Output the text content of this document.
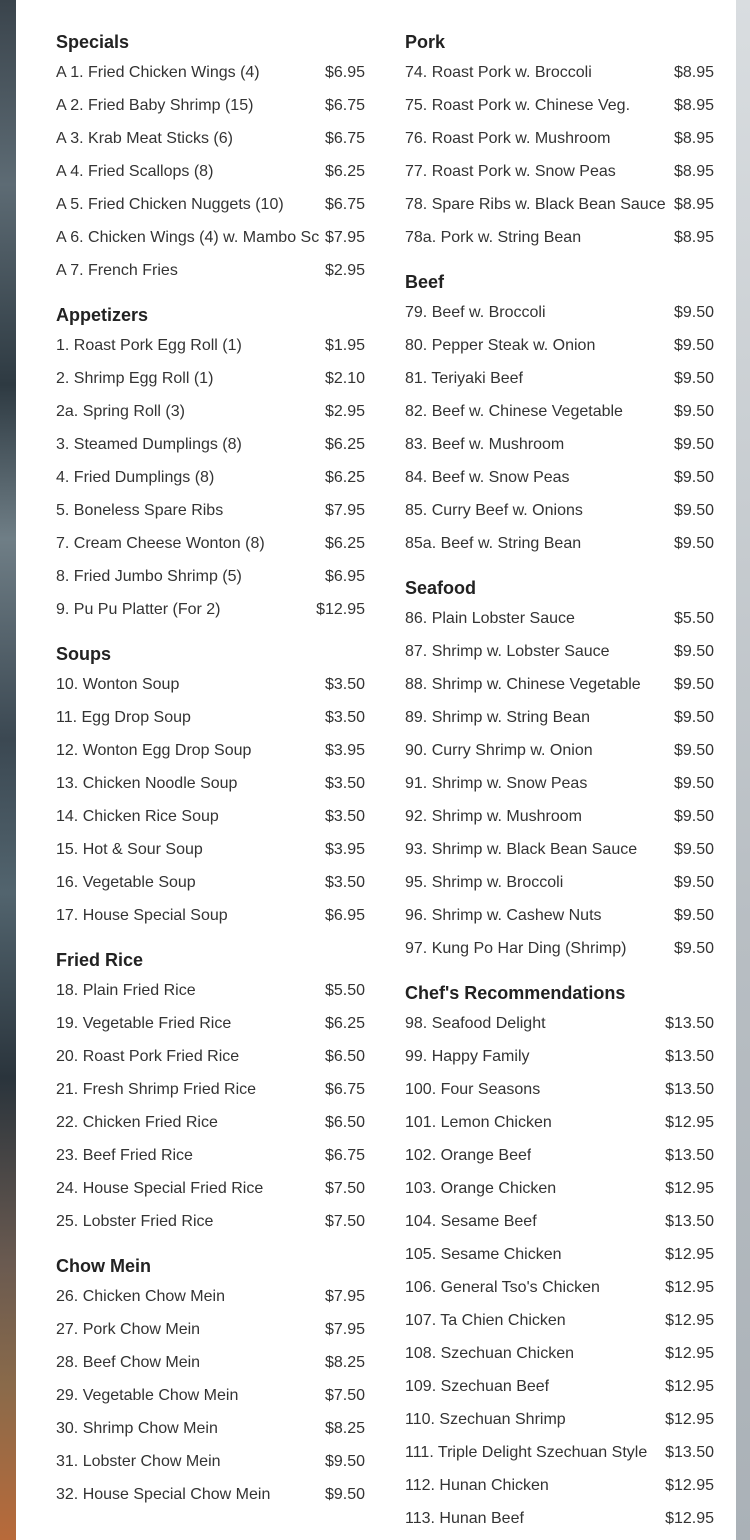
Specials
A 1. Fried Chicken Wings (4)	$6.95
A 2. Fried Baby Shrimp (15)	$6.75
A 3. Krab Meat Sticks (6)	$6.75
A 4. Fried Scallops (8)	$6.25
A 5. Fried Chicken Nuggets (10)	$6.75
A 6. Chicken Wings (4) w. Mambo Sc $7.95
A 7. French Fries	$2.95
Appetizers
1. Roast Pork Egg Roll (1)	$1.95
2. Shrimp Egg Roll (1)	$2.10
2a. Spring Roll (3)	$2.95
3. Steamed Dumplings (8)	$6.25
4. Fried Dumplings (8)	$6.25
5. Boneless Spare Ribs	$7.95
7. Cream Cheese Wonton (8)	$6.25
8. Fried Jumbo Shrimp (5)	$6.95
9. Pu Pu Platter (For 2)	$12.95
Soups
10. Wonton Soup	$3.50
11. Egg Drop Soup	$3.50
12. Wonton Egg Drop Soup	$3.95
13. Chicken Noodle Soup	$3.50
14. Chicken Rice Soup	$3.50
15. Hot & Sour Soup	$3.95
16. Vegetable Soup	$3.50
17. House Special Soup	$6.95
Fried Rice
18. Plain Fried Rice	$5.50
19. Vegetable Fried Rice	$6.25
20. Roast Pork Fried Rice	$6.50
21. Fresh Shrimp Fried Rice	$6.75
22. Chicken Fried Rice	$6.50
23. Beef Fried Rice	$6.75
24. House Special Fried Rice	$7.50
25. Lobster Fried Rice	$7.50
Chow Mein
26. Chicken Chow Mein	$7.95
27. Pork Chow Mein	$7.95
28. Beef Chow Mein	$8.25
29. Vegetable Chow Mein	$7.50
30. Shrimp Chow Mein	$8.25
31. Lobster Chow Mein	$9.50
32. House Special Chow Mein	$9.50
Pork
74. Roast Pork w. Broccoli	$8.95
75. Roast Pork w. Chinese Veg.	$8.95
76. Roast Pork w. Mushroom	$8.95
77. Roast Pork w. Snow Peas	$8.95
78. Spare Ribs w. Black Bean Sauce $8.95
78a. Pork w. String Bean	$8.95
Beef
79. Beef w. Broccoli	$9.50
80. Pepper Steak w. Onion	$9.50
81. Teriyaki Beef	$9.50
82. Beef w. Chinese Vegetable	$9.50
83. Beef w. Mushroom	$9.50
84. Beef w. Snow Peas	$9.50
85. Curry Beef w. Onions	$9.50
85a. Beef w. String Bean	$9.50
Seafood
86. Plain Lobster Sauce	$5.50
87. Shrimp w. Lobster Sauce	$9.50
88. Shrimp w. Chinese Vegetable	$9.50
89. Shrimp w. String Bean	$9.50
90. Curry Shrimp w. Onion	$9.50
91. Shrimp w. Snow Peas	$9.50
92. Shrimp w. Mushroom	$9.50
93. Shrimp w. Black Bean Sauce	$9.50
95. Shrimp w. Broccoli	$9.50
96. Shrimp w. Cashew Nuts	$9.50
97. Kung Po Har Ding (Shrimp)	$9.50
Chef's Recommendations
98. Seafood Delight	$13.50
99. Happy Family	$13.50
100. Four Seasons	$13.50
101. Lemon Chicken	$12.95
102. Orange Beef	$13.50
103. Orange Chicken	$12.95
104. Sesame Beef	$13.50
105. Sesame Chicken	$12.95
106. General Tso's Chicken	$12.95
107. Ta Chien Chicken	$12.95
108. Szechuan Chicken	$12.95
109. Szechuan Beef	$12.95
110. Szechuan Shrimp	$12.95
111. Triple Delight Szechuan Style	$13.50
112. Hunan Chicken	$12.95
113. Hunan Beef	$12.95
